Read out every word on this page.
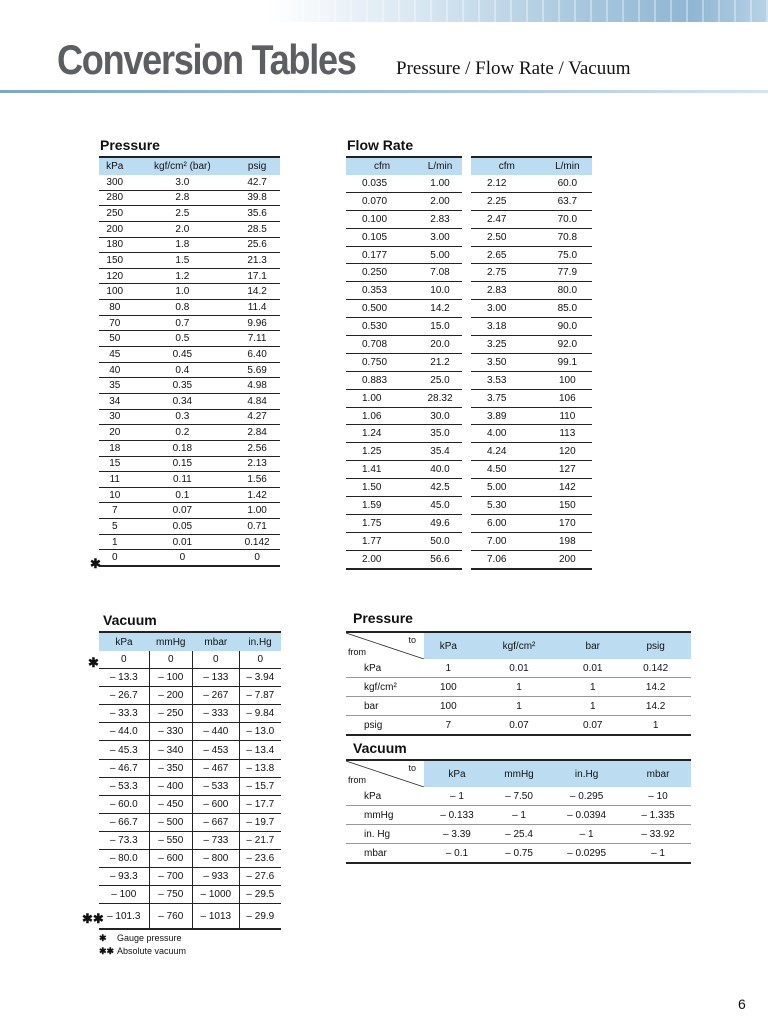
Conversion Tables Pressure / Flow Rate / Vacuum
Pressure
kPa	kgf/cm² (bar)	psig
300	3.0	42.7
280	2.8	39.8
250	2.5	35.6
200	2.0	28.5
180	1.8	25.6
150	1.5	21.3
120	1.2	17.1
100	1.0	14.2
80	0.8	11.4
70	0.7	9.96
50	0.5	7.11
45	0.45	6.40
40	0.4	5.69
35	0.35	4.98
34	0.34	4.84
30	0.3	4.27
20	0.2	2.84
18	0.18	2.56
15	0.15	2.13
11	0.11	1.56
10	0.1	1.42
7	0.07	1.00
5	0.05	0.71
1	0.01	0.142
0	0	0
✱
Flow Rate
cfm	L/min
0.035	1.00
0.070	2.00
0.100	2.83
0.105	3.00
0.177	5.00
0.250	7.08
0.353	10.0
0.500	14.2
0.530	15.0
0.708	20.0
0.750	21.2
0.883	25.0
1.00	28.32
1.06	30.0
1.24	35.0
1.25	35.4
1.41	40.0
1.50	42.5
1.59	45.0
1.75	49.6
1.77	50.0
2.00	56.6
cfm	L/min
2.12	60.0
2.25	63.7
2.47	70.0
2.50	70.8
2.65	75.0
2.75	77.9
2.83	80.0
3.00	85.0
3.18	90.0
3.25	92.0
3.50	99.1
3.53	100
3.75	106
3.89	110
4.00	113
4.24	120
4.50	127
5.00	142
5.30	150
6.00	170
7.00	198
7.06	200
Vacuum
kPa	mmHg	mbar	in.Hg
0	0	0	0
– 13.3	– 100	– 133	– 3.94
– 26.7	– 200	– 267	– 7.87
– 33.3	– 250	– 333	– 9.84
– 44.0	– 330	– 440	– 13.0
– 45.3	– 340	– 453	– 13.4
– 46.7	– 350	– 467	– 13.8
– 53.3	– 400	– 533	– 15.7
– 60.0	– 450	– 600	– 17.7
– 66.7	– 500	– 667	– 19.7
– 73.3	– 550	– 733	– 21.7
– 80.0	– 600	– 800	– 23.6
– 93.3	– 700	– 933	– 27.6
– 100	– 750	– 1000	– 29.5
– 101.3	– 760	– 1013	– 29.9
✱
✱✱
✱ Gauge pressure
✱✱ Absolute vacuum
Pressure
to
from	kPa	kgf/cm²	bar	psig
kPa	1	0.01	0.01	0.142
kgf/cm²	100	1	1	14.2
bar	100	1	1	14.2
psig	7	0.07	0.07	1
Vacuum
to
from	kPa	mmHg	in.Hg	mbar
kPa	– 1	– 7.50	– 0.295	– 10
mmHg	– 0.133	– 1	– 0.0394	– 1.335
in. Hg	– 3.39	– 25.4	– 1	– 33.92
mbar	– 0.1	– 0.75	– 0.0295	– 1
6
